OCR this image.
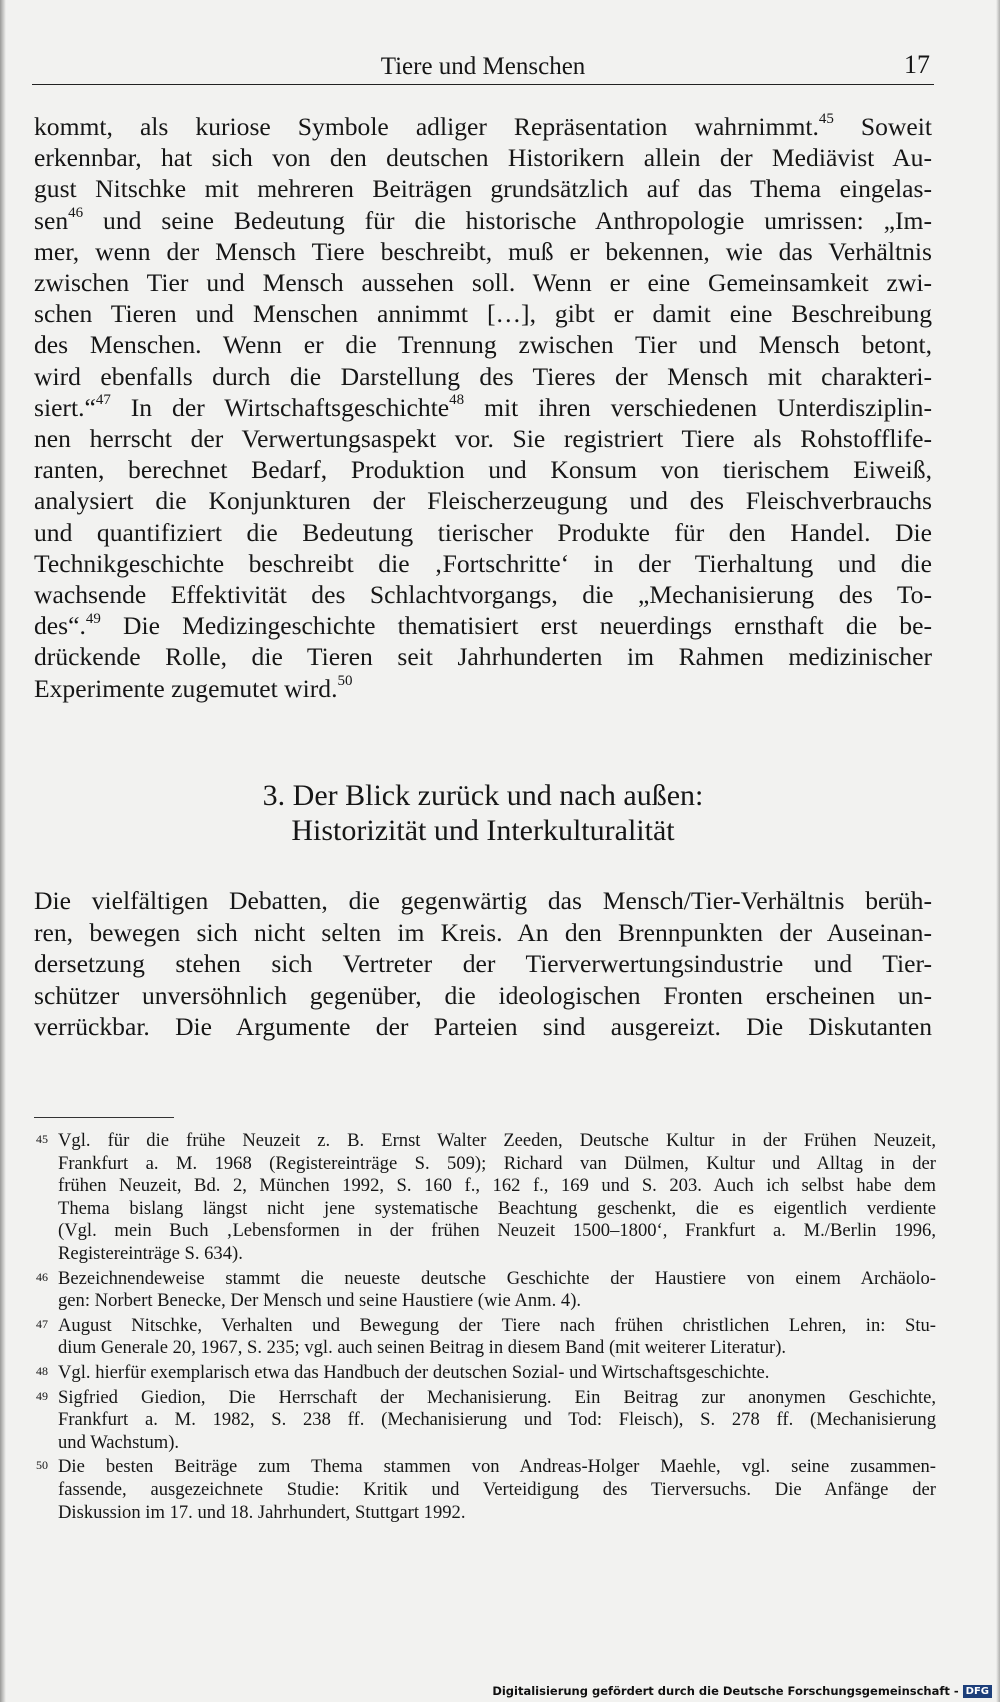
Tiere und Menschen	17
kommt, als kuriose Symbole adliger Repräsentation wahrnimmt.$^{45}$ Soweit
erkennbar, hat sich von den deutschen Historikern allein der Mediävist Au-
gust Nitschke mit mehreren Beiträgen grundsätzlich auf das Thema eingelas-
sen$^{46}$ und seine Bedeutung für die historische Anthropologie umrissen: „Im-
mer, wenn der Mensch Tiere beschreibt, muß er bekennen, wie das Verhältnis
zwischen Tier und Mensch aussehen soll. Wenn er eine Gemeinsamkeit zwi-
schen Tieren und Menschen annimmt […], gibt er damit eine Beschreibung
des Menschen. Wenn er die Trennung zwischen Tier und Mensch betont,
wird ebenfalls durch die Darstellung des Tieres der Mensch mit charakteri-
siert.“$^{47}$ In der Wirtschaftsgeschichte$^{48}$ mit ihren verschiedenen Unterdisziplin-
nen herrscht der Verwertungsaspekt vor. Sie registriert Tiere als Rohstofflife-
ranten, berechnet Bedarf, Produktion und Konsum von tierischem Eiweiß,
analysiert die Konjunkturen der Fleischerzeugung und des Fleischverbrauchs
und quantifiziert die Bedeutung tierischer Produkte für den Handel. Die
Technikgeschichte beschreibt die ‚Fortschritte‘ in der Tierhaltung und die
wachsende Effektivität des Schlachtvorgangs, die „Mechanisierung des To-
des“.$^{49}$ Die Medizingeschichte thematisiert erst neuerdings ernsthaft die be-
drückende Rolle, die Tieren seit Jahrhunderten im Rahmen medizinischer
Experimente zugemutet wird.$^{50}$
3. Der Blick zurück und nach außen:
Historizität und Interkulturalität
Die vielfältigen Debatten, die gegenwärtig das Mensch/Tier-Verhältnis berüh-
ren, bewegen sich nicht selten im Kreis. An den Brennpunkten der Auseinan-
dersetzung stehen sich Vertreter der Tierverwertungsindustrie und Tier-
schützer unversöhnlich gegenüber, die ideologischen Fronten erscheinen un-
verrückbar. Die Argumente der Parteien sind ausgereizt. Die Diskutanten
45 Vgl. für die frühe Neuzeit z. B. Ernst Walter Zeeden, Deutsche Kultur in der Frühen Neuzeit,
Frankfurt a. M. 1968 (Registereinträge S. 509); Richard van Dülmen, Kultur und Alltag in der
frühen Neuzeit, Bd. 2, München 1992, S. 160 f., 162 f., 169 und S. 203. Auch ich selbst habe dem
Thema bislang längst nicht jene systematische Beachtung geschenkt, die es eigentlich verdiente
(Vgl. mein Buch ‚Lebensformen in der frühen Neuzeit 1500–1800‘, Frankfurt a. M./Berlin 1996,
Registereinträge S. 634).
46 Bezeichnendeweise stammt die neueste deutsche Geschichte der Haustiere von einem Archäolo-
gen: Norbert Benecke, Der Mensch und seine Haustiere (wie Anm. 4).
47 August Nitschke, Verhalten und Bewegung der Tiere nach frühen christlichen Lehren, in: Stu-
dium Generale 20, 1967, S. 235; vgl. auch seinen Beitrag in diesem Band (mit weiterer Literatur).
48 Vgl. hierfür exemplarisch etwa das Handbuch der deutschen Sozial- und Wirtschaftsgeschichte.
49 Sigfried Giedion, Die Herrschaft der Mechanisierung. Ein Beitrag zur anonymen Geschichte,
Frankfurt a. M. 1982, S. 238 ff. (Mechanisierung und Tod: Fleisch), S. 278 ff. (Mechanisierung
und Wachstum).
50 Die besten Beiträge zum Thema stammen von Andreas-Holger Maehle, vgl. seine zusammen-
fassende, ausgezeichnete Studie: Kritik und Verteidigung des Tierversuchs. Die Anfänge der
Diskussion im 17. und 18. Jahrhundert, Stuttgart 1992.
Digitalisierung gefördert durch die Deutsche Forschungsgemeinschaft - DFG
